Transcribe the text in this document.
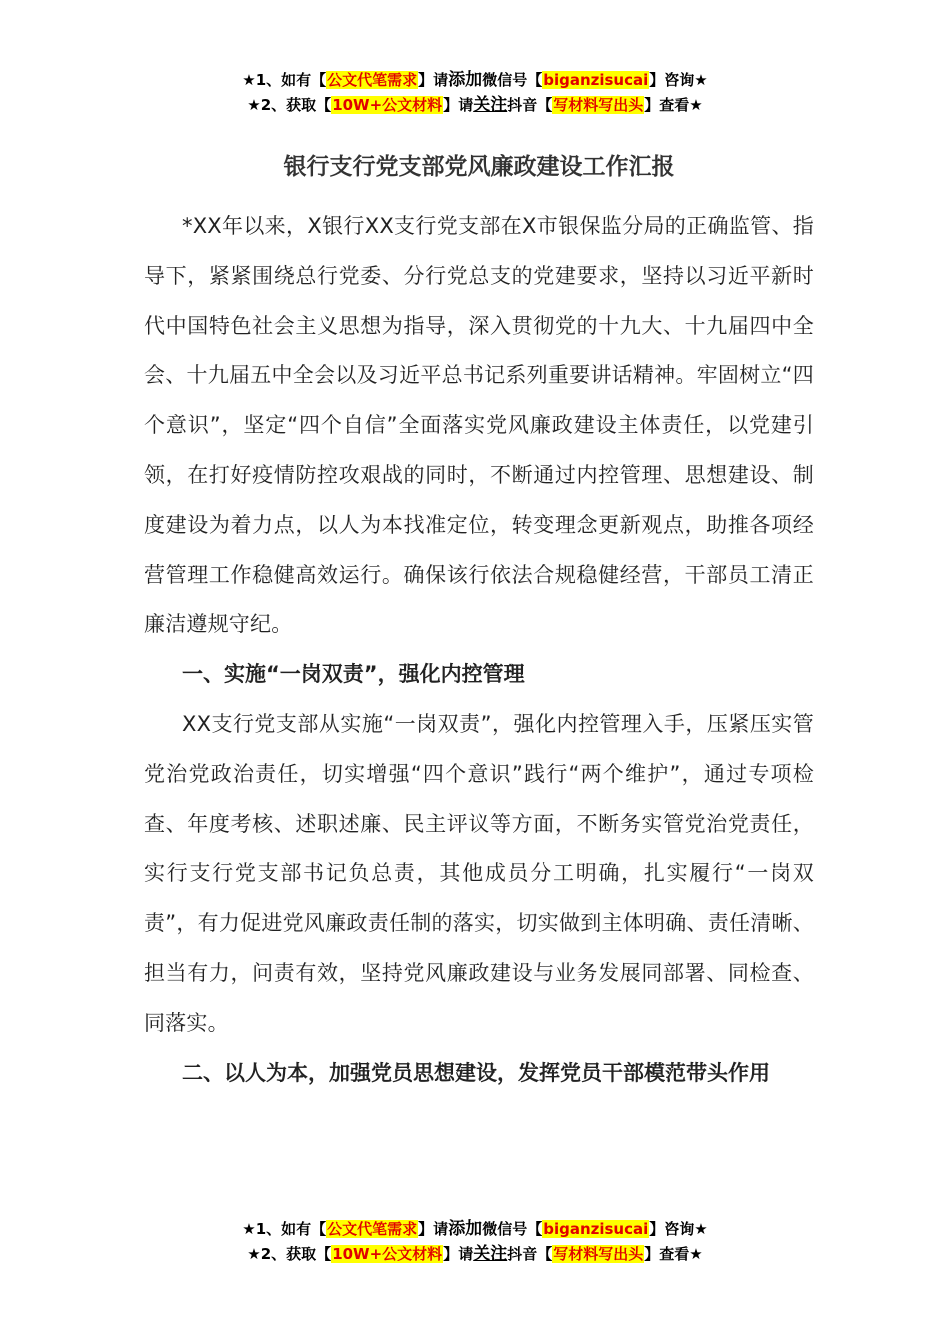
★1、如有【公文代笔需求】请添加微信号【biganzisucai】咨询★
★2、获取【10W+公文材料】请关注抖音【写材料写出头】查看★
银行支行党支部党风廉政建设工作汇报

*XX年以来，X银行XX支行党支部在X市银保监分局的正确监管、指导下，紧紧围绕总行党委、分行党总支的党建要求，坚持以习近平新时代中国特色社会主义思想为指导，深入贯彻党的十九大、十九届四中全会、十九届五中全会以及习近平总书记系列重要讲话精神。牢固树立“四个意识”，坚定“四个自信”全面落实党风廉政建设主体责任，以党建引领，在打好疫情防控攻艰战的同时，不断通过内控管理、思想建设、制度建设为着力点，以人为本找准定位，转变理念更新观点，助推各项经营管理工作稳健高效运行。确保该行依法合规稳健经营，干部员工清正廉洁遵规守纪。

一、实施“一岗双责”，强化内控管理

XX支行党支部从实施“一岗双责”，强化内控管理入手，压紧压实管党治党政治责任，切实增强“四个意识”践行“两个维护”，通过专项检查、年度考核、述职述廉、民主评议等方面，不断务实管党治党责任，实行支行党支部书记负总责，其他成员分工明确，扎实履行“一岗双责”，有力促进党风廉政责任制的落实，切实做到主体明确、责任清晰、担当有力，问责有效，坚持党风廉政建设与业务发展同部署、同检查、同落实。

二、以人为本，加强党员思想建设，发挥党员干部模范带头作用

★1、如有【公文代笔需求】请添加微信号【biganzisucai】咨询★
★2、获取【10W+公文材料】请关注抖音【写材料写出头】查看★
